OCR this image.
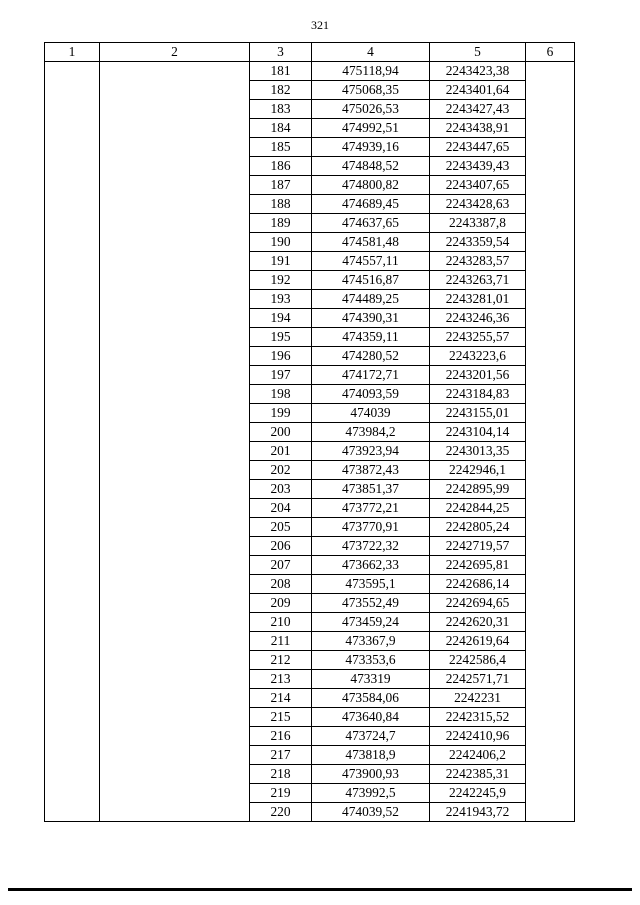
321
1	2	3	4	5	6
		181	475118,94	2243423,38	
		182	475068,35	2243401,64	
		183	475026,53	2243427,43	
		184	474992,51	2243438,91	
		185	474939,16	2243447,65	
		186	474848,52	2243439,43	
		187	474800,82	2243407,65	
		188	474689,45	2243428,63	
		189	474637,65	2243387,8	
		190	474581,48	2243359,54	
		191	474557,11	2243283,57	
		192	474516,87	2243263,71	
		193	474489,25	2243281,01	
		194	474390,31	2243246,36	
		195	474359,11	2243255,57	
		196	474280,52	2243223,6	
		197	474172,71	2243201,56	
		198	474093,59	2243184,83	
		199	474039	2243155,01	
		200	473984,2	2243104,14	
		201	473923,94	2243013,35	
		202	473872,43	2242946,1	
		203	473851,37	2242895,99	
		204	473772,21	2242844,25	
		205	473770,91	2242805,24	
		206	473722,32	2242719,57	
		207	473662,33	2242695,81	
		208	473595,1	2242686,14	
		209	473552,49	2242694,65	
		210	473459,24	2242620,31	
		211	473367,9	2242619,64	
		212	473353,6	2242586,4	
		213	473319	2242571,71	
		214	473584,06	2242231	
		215	473640,84	2242315,52	
		216	473724,7	2242410,96	
		217	473818,9	2242406,2	
		218	473900,93	2242385,31	
		219	473992,5	2242245,9	
		220	474039,52	2241943,72	
